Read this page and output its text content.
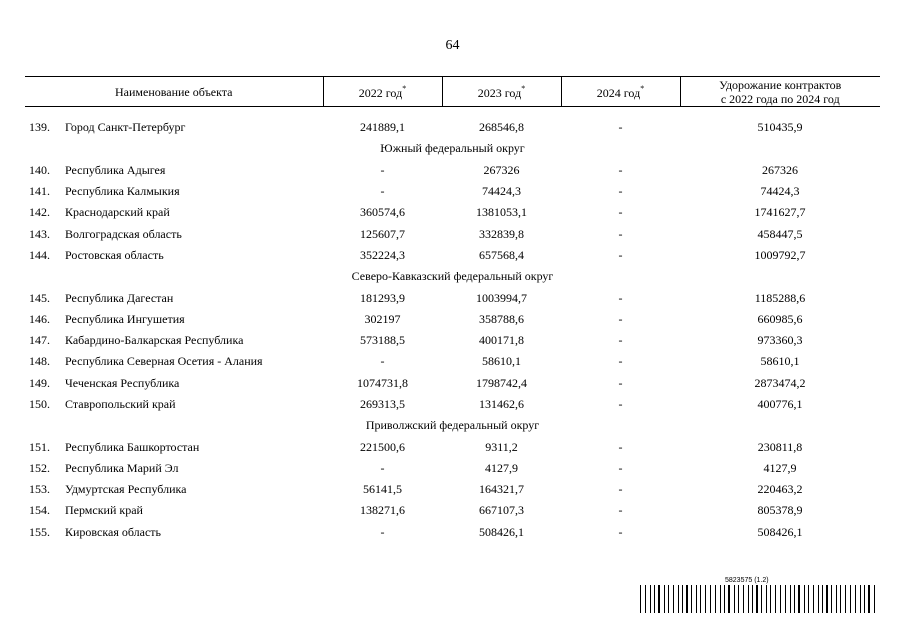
64
Наименование объекта	2022 год*	2023 год*	2024 год*	Удорожание контрактов
с 2022 года по 2024 год

139. Город Санкт-Петербург	241889,1	268546,8	-	510435,9
Южный федеральный округ				
140. Республика Адыгея	-	267326	-	267326
141. Республика Калмыкия	-	74424,3	-	74424,3
142. Краснодарский край	360574,6	1381053,1	-	1741627,7
143. Волгоградская область	125607,7	332839,8	-	458447,5
144. Ростовская область	352224,3	657568,4	-	1009792,7
Северо-Кавказский федеральный округ				
145. Республика Дагестан	181293,9	1003994,7	-	1185288,6
146. Республика Ингушетия	302197	358788,6	-	660985,6
147. Кабардино-Балкарская Республика	573188,5	400171,8	-	973360,3
148. Республика Северная Осетия - Алания	-	58610,1	-	58610,1
149. Чеченская Республика	1074731,8	1798742,4	-	2873474,2
150. Ставропольский край	269313,5	131462,6	-	400776,1
Приволжский федеральный округ				
151. Республика Башкортостан	221500,6	9311,2	-	230811,8
152. Республика Марий Эл	-	4127,9	-	4127,9
153. Удмуртская Республика	56141,5	164321,7	-	220463,2
154. Пермский край	138271,6	667107,3	-	805378,9
155. Кировская область	-	508426,1	-	508426,1
5823575 (1.2)
